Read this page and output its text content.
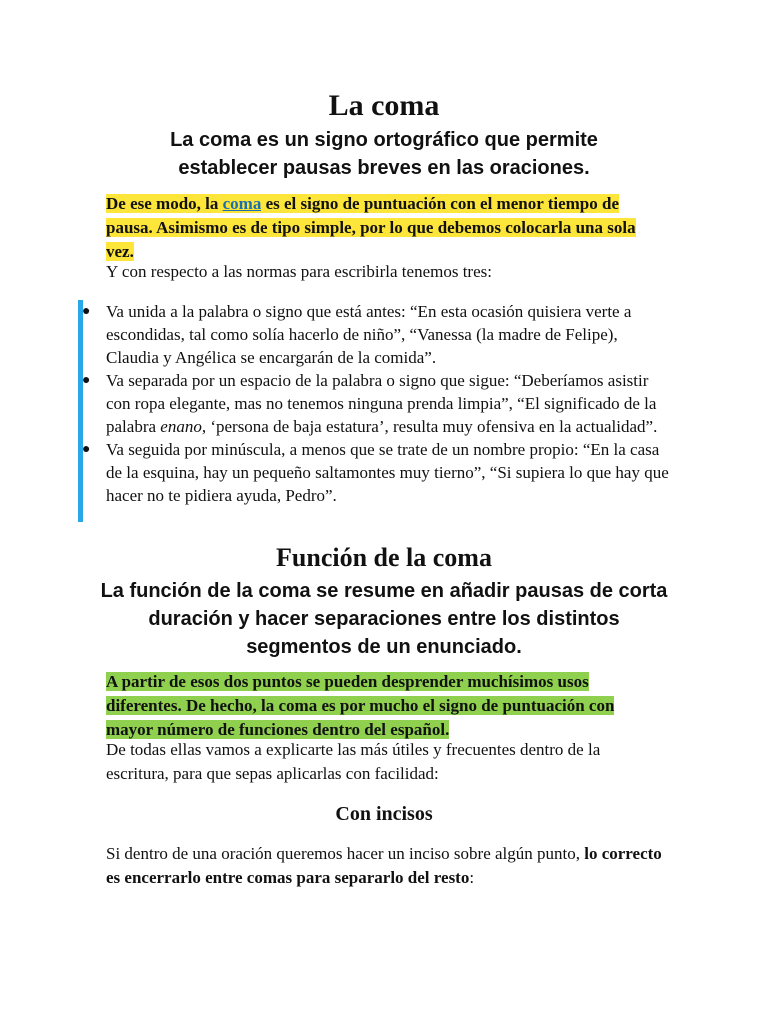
La coma

La coma es un signo ortográfico que permite establecer pausas breves en las oraciones.

De ese modo, la coma es el signo de puntuación con el menor tiempo de pausa. Asimismo es de tipo simple, por lo que debemos colocarla una sola vez.

Y con respecto a las normas para escribirla tenemos tres:

● Va unida a la palabra o signo que está antes: “En esta ocasión quisiera verte a escondidas, tal como solía hacerlo de niño”, “Vanessa (la madre de Felipe), Claudia y Angélica se encargarán de la comida”.
● Va separada por un espacio de la palabra o signo que sigue: “Deberíamos asistir con ropa elegante, mas no tenemos ninguna prenda limpia”, “El significado de la palabra enano, ‘persona de baja estatura’, resulta muy ofensiva en la actualidad”.
● Va seguida por minúscula, a menos que se trate de un nombre propio: “En la casa de la esquina, hay un pequeño saltamontes muy tierno”, “Si supiera lo que hay que hacer no te pidiera ayuda, Pedro”.
Función de la coma

La función de la coma se resume en añadir pausas de corta duración y hacer separaciones entre los distintos segmentos de un enunciado.

A partir de esos dos puntos se pueden desprender muchísimos usos diferentes. De hecho, la coma es por mucho el signo de puntuación con mayor número de funciones dentro del español.

De todas ellas vamos a explicarte las más útiles y frecuentes dentro de la escritura, para que sepas aplicarlas con facilidad:

Con incisos

Si dentro de una oración queremos hacer un inciso sobre algún punto, lo correcto es encerrarlo entre comas para separarlo del resto:
